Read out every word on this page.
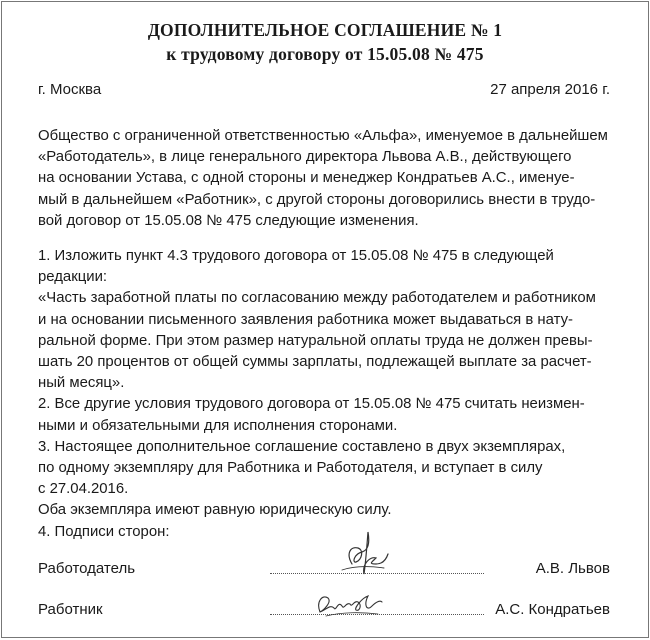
ДОПОЛНИТЕЛЬНОЕ СОГЛАШЕНИЕ № 1
к трудовому договору от 15.05.08 № 475
г. Москва	27 апреля 2016 г.
Общество с ограниченной ответственностью «Альфа», именуемое в дальнейшем
«Работодатель», в лице генерального директора Львова А.В., действующего
на основании Устава, с одной стороны и менеджер Кондратьев А.С., именуе-
мый в дальнейшем «Работник», с другой стороны договорились внести в трудо-
вой договор от 15.05.08 № 475 следующие изменения.
1. Изложить пункт 4.3 трудового договора от 15.05.08 № 475 в следующей
редакции:
«Часть заработной платы по согласованию между работодателем и работником
и на основании письменного заявления работника может выдаваться в нату-
ральной форме. При этом размер натуральной оплаты труда не должен превы-
шать 20 процентов от общей суммы зарплаты, подлежащей выплате за расчет-
ный месяц».
2. Все другие условия трудового договора от 15.05.08 № 475 считать неизмен-
ными и обязательными для исполнения сторонами.
3. Настоящее дополнительное соглашение составлено в двух экземплярах,
по одному экземпляру для Работника и Работодателя, и вступает в силу
с 27.04.2016.
Оба экземпляра имеют равную юридическую силу.
4. Подписи сторон:
Работодатель	А.В. Львов
Работник	А.С. Кондратьев
